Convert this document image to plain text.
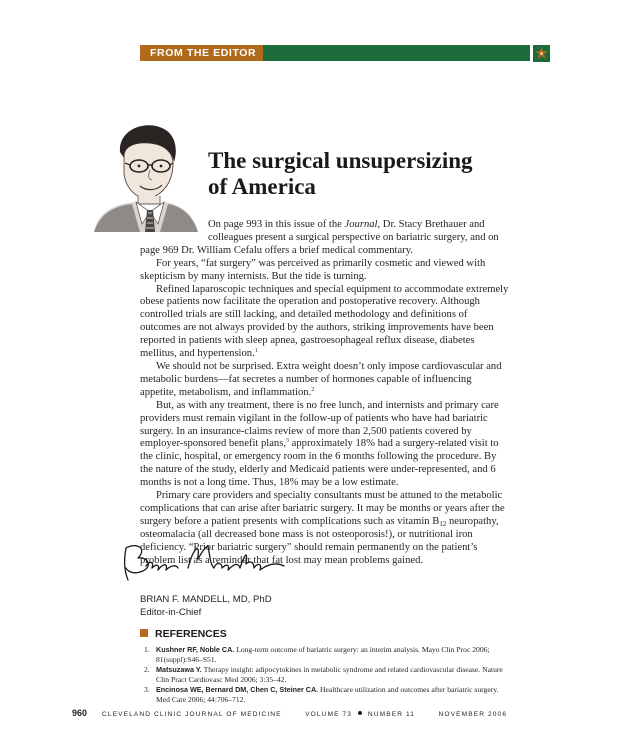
FROM THE EDITOR
The surgical unsupersizing
of America

On page 993 in this issue of the Journal, Dr. Stacy Brethauer and
colleagues present a surgical perspective on bariatric surgery, and on
page 969 Dr. William Cefalu offers a brief medical commentary.

For years, “fat surgery” was perceived as primarily cosmetic and viewed with skepticism by many internists. But the tide is turning.

Refined laparoscopic techniques and special equipment to accommodate extremely obese patients now facilitate the operation and postoperative recovery. Although controlled trials are still lacking, and detailed methodology and definitions of outcomes are not always provided by the authors, striking improvements have been reported in patients with sleep apnea, gastroesophageal reflux disease, diabetes mellitus, and hypertension.$^1$

We should not be surprised. Extra weight doesn’t only impose cardiovascular and metabolic burdens—fat secretes a number of hormones capable of influencing appetite, metabolism, and inflammation.$^2$

But, as with any treatment, there is no free lunch, and internists and primary care providers must remain vigilant in the follow-up of patients who have had bariatric surgery. In an insurance-claims review of more than 2,500 patients covered by employer-sponsored benefit plans,$^3$ approximately 18% had a surgery-related visit to the clinic, hospital, or emergency room in the 6 months following the procedure. By the nature of the study, elderly and Medicaid patients were under-represented, and 6 months is not a long time. Thus, 18% may be a low estimate.

Primary care providers and specialty consultants must be attuned to the metabolic complications that can arise after bariatric surgery. It may be months or years after the surgery before a patient presents with complications such as vitamin $B_{12}$ neuropathy, osteomalacia (all decreased bone mass is not osteoporosis!), or nutritional iron deficiency. “Prior bariatric surgery” should remain permanently on the patient’s problem list as a reminder that fat lost may mean problems gained.

BRIAN F. MANDELL, MD, PhD
Editor-in-Chief
REFERENCES
1. Kushner RF, Noble CA. Long-term outcome of bariatric surgery: an interim analysis. Mayo Clin Proc 2006; 81(suppl):S46–S51.
2. Matsuzawa Y. Therapy insight: adipocytokines in metabolic syndrome and related cardiovascular disease. Nature Clin Pract Cardiovasc Med 2006; 3:35–42.
3. Encinosa WE, Bernard DM, Chen C, Steiner CA. Healthcare utilization and outcomes after bariatric surgery. Med Care 2006; 44:706–712.
960 CLEVELAND CLINIC JOURNAL OF MEDICINE	VOLUME 73 NUMBER 11	NOVEMBER 2006
